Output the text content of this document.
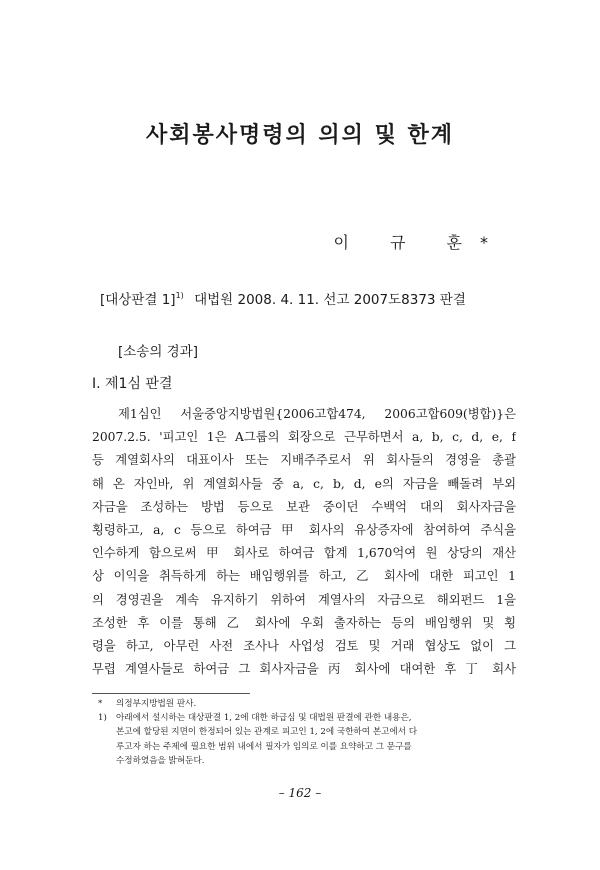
사회봉사명령의 의의 및 한계
이 규 훈*
[대상판결 1]$^{1)}$ 대법원 2008. 4. 11. 선고 2007도8373 판결
[소송의 경과]
Ⅰ. 제1심 판결
제1심인 서울중앙지방법원{2006고합474, 2006고합609(병합)}은
2007.2.5. '피고인 1은 A그룹의 회장으로 근무하면서 a, b, c, d, e, f
등 계열회사의 대표이사 또는 지배주주로서 위 회사들의 경영을 총괄
해 온 자인바, 위 계열회사들 중 a, c, b, d, e의 자금을 빼돌려 부외
자금을 조성하는 방법 등으로 보관 중이던 수백억 대의 회사자금을
횡령하고, a, c 등으로 하여금 甲 회사의 유상증자에 참여하여 주식을
인수하게 함으로써 甲 회사로 하여금 합계 1,670억여 원 상당의 재산
상 이익을 취득하게 하는 배임행위를 하고, 乙 회사에 대한 피고인 1
의 경영권을 계속 유지하기 위하여 계열사의 자금으로 해외펀드 1을
조성한 후 이를 통해 乙 회사에 우회 출자하는 등의 배임행위 및 횡
령을 하고, 아무런 사전 조사나 사업성 검토 및 거래 협상도 없이 그
무렵 계열사들로 하여금 그 회사자금을 丙 회사에 대여한 후 丁 회사
* 의정부지방법원 판사.
1) 아래에서 설시하는 대상판결 1, 2에 대한 하급심 및 대법원 판결에 관한 내용은,
본고에 할당된 지면이 한정되어 있는 관계로 피고인 1, 2에 국한하여 본고에서 다
루고자 하는 주제에 필요한 범위 내에서 필자가 임의로 이를 요약하고 그 문구를
수정하였음을 밝혀둔다.
– 162 –
